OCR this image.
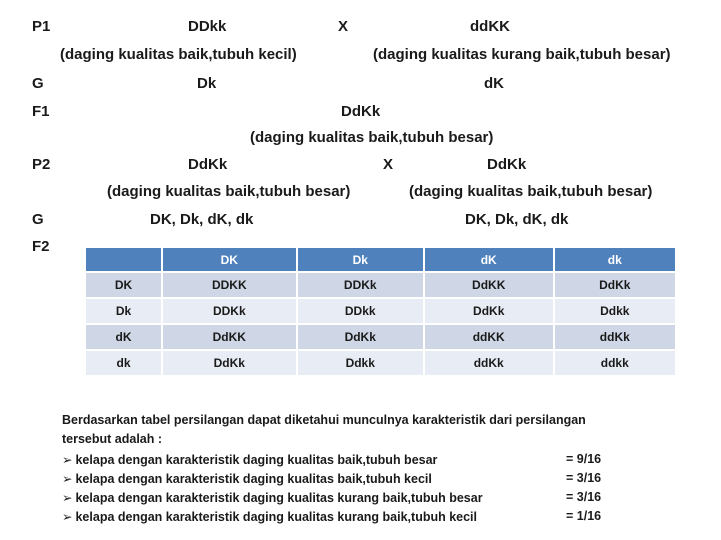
P1	DDkk	X	ddKK
(daging kualitas baik,tubuh kecil)	(daging kualitas kurang baik,tubuh besar)
G	Dk	dK
F1	DdKk
(daging kualitas baik,tubuh besar)
P2	DdKk	X	DdKk
(daging kualitas baik,tubuh besar)	(daging kualitas baik,tubuh besar)
G	DK, Dk, dK, dk	DK, Dk, dK, dk
F2
	DK	Dk	dK	dk
DK	DDKK	DDKk	DdKK	DdKk
Dk	DDKk	DDkk	DdKk	Ddkk
dK	DdKK	DdKk	ddKK	ddKk
dk	DdKk	Ddkk	ddKk	ddkk
Berdasarkan tabel persilangan dapat diketahui munculnya karakteristik dari persilangan
tersebut adalah :
➢ kelapa dengan karakteristik daging kualitas baik,tubuh besar	= 9/16
➢ kelapa dengan karakteristik daging kualitas baik,tubuh kecil	= 3/16
➢ kelapa dengan karakteristik daging kualitas kurang baik,tubuh besar	= 3/16
➢ kelapa dengan karakteristik daging kualitas kurang baik,tubuh kecil	= 1/16
